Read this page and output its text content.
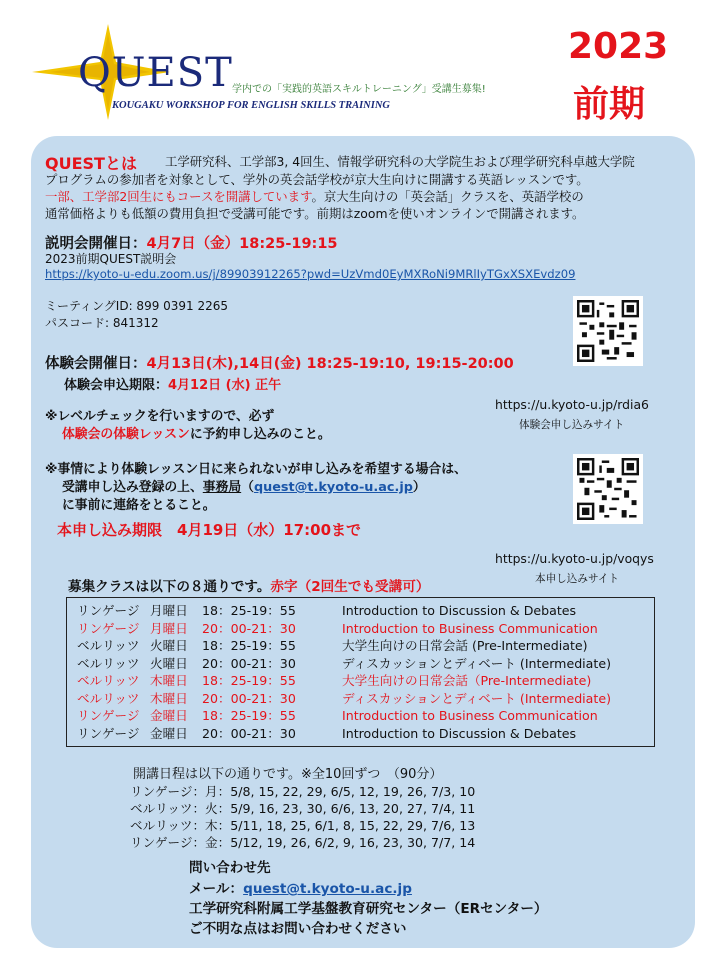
QUEST
KOUGAKU WORKSHOP FOR ENGLISH SKILLS TRAINING
学内での「実践的英語スキルトレーニング」受講生募集!
2023
前期
QUESTとは 工学研究科、工学部3, 4回生、情報学研究科の大学院生および理学研究科卓越大学院
プログラムの参加者を対象として、学外の英会話学校が京大生向けに開講する英語レッスンです。
一部、工学部2回生にもコースを開講しています。京大生向けの「英会話」クラスを、英語学校の
通常価格よりも低額の費用負担で受講可能です。前期はzoomを使いオンラインで開講されます。
説明会開催日：4月7日（金）18:25-19:15
2023前期QUEST説明会
https://kyoto-u-edu.zoom.us/j/89903912265?pwd=UzVmd0EyMXRoNi9MRlIyTGxXSXEvdz09
ミーティングID: 899 0391 2265
パスコード: 841312
体験会開催日：4月13日(木),14日(金) 18:25-19:10, 19:15-20:00
体験会申込期限：4月12日 (水) 正午
※レベルチェックを行いますので、必ず
体験会の体験レッスンに予約申し込みのこと。
https://u.kyoto-u.jp/rdia6
体験会申し込みサイト
※事情により体験レッスン日に来られないが申し込みを希望する場合は、
受講申し込み登録の上、事務局（quest@t.kyoto-u.ac.jp）
に事前に連絡をとること。
本申し込み期限　4月19日（水）17:00まで
https://u.kyoto-u.jp/voqys
本申し込みサイト
募集クラスは以下の８通りです。赤字（2回生でも受講可）
リンゲージ 月曜日 18：25-19：55	Introduction to Discussion & Debates
リンゲージ 月曜日 20：00-21：30	Introduction to Business Communication
ベルリッツ 火曜日 18：25-19：55	大学生向けの日常会話 (Pre-Intermediate)
ベルリッツ 火曜日 20：00-21：30	ディスカッションとディベート (Intermediate)
ベルリッツ 木曜日 18：25-19：55	大学生向けの日常会話（Pre-Intermediate)
ベルリッツ 木曜日 20：00-21：30	ディスカッションとディベート (Intermediate)
リンゲージ 金曜日 18：25-19：55	Introduction to Business Communication
リンゲージ 金曜日 20：00-21：30	Introduction to Discussion & Debates
開講日程は以下の通りです。※全10回ずつ　（90分）
リンゲージ：月：5/8, 15, 22, 29, 6/5, 12, 19, 26, 7/3, 10
ベルリッツ：火：5/9, 16, 23, 30, 6/6, 13, 20, 27, 7/4, 11
ベルリッツ：木：5/11, 18, 25, 6/1, 8, 15, 22, 29, 7/6, 13
リンゲージ：金：5/12, 19, 26, 6/2, 9, 16, 23, 30, 7/7, 14
問い合わせ先
メール：quest@t.kyoto-u.ac.jp
工学研究科附属工学基盤教育研究センター（ERセンター）
ご不明な点はお問い合わせください
